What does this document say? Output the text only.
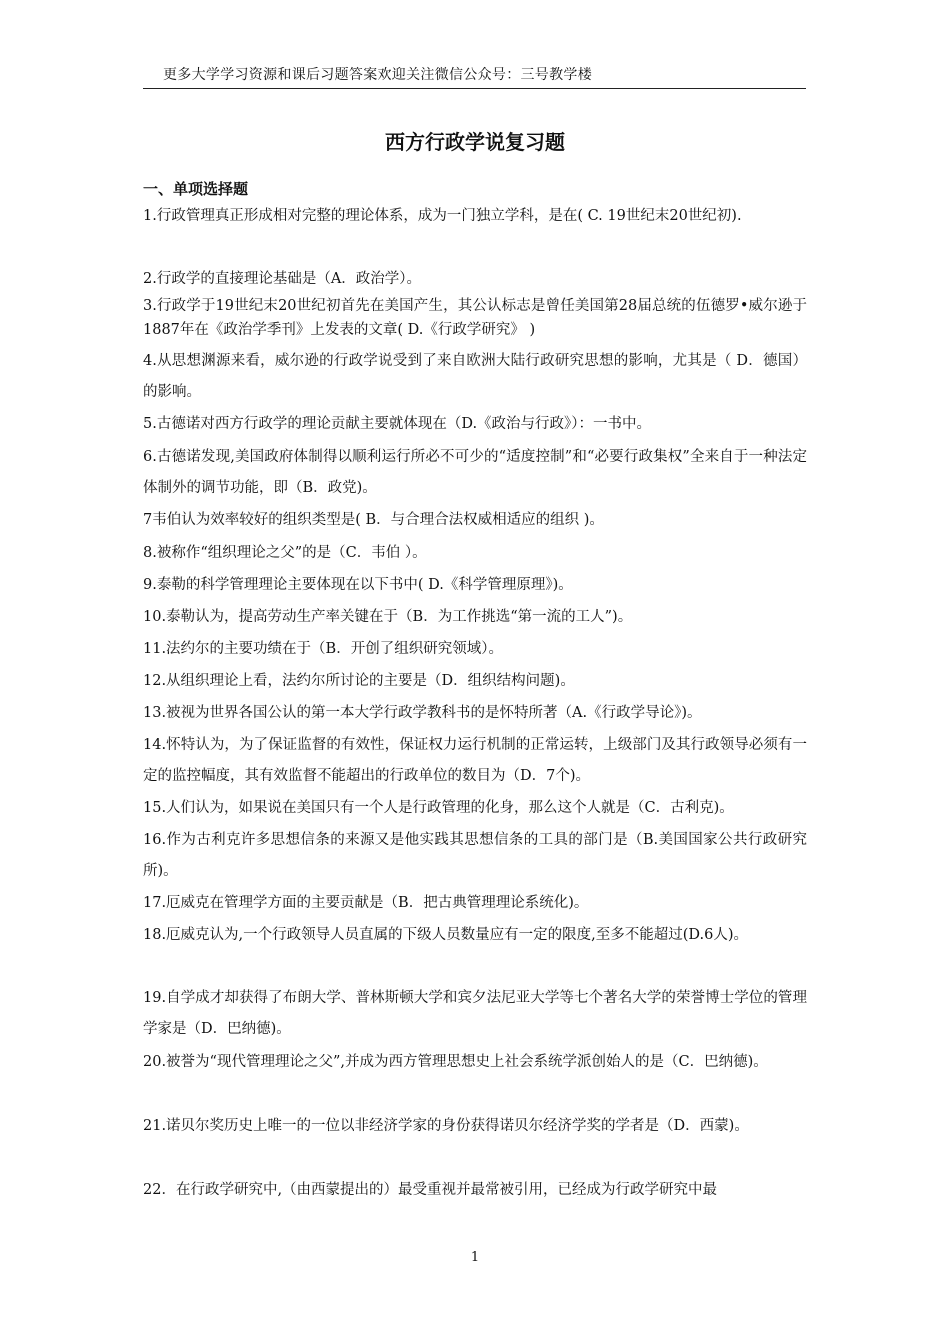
更多大学学习资源和课后习题答案欢迎关注微信公众号：三号教学楼
西方行政学说复习题
一、单项选择题
1.行政管理真正形成相对完整的理论体系，成为一门独立学科，是在( C. 19世纪末20世纪初).
2.行政学的直接理论基础是（A．政治学）。
3.行政学于19世纪末20世纪初首先在美国产生，其公认标志是曾任美国第28届总统的伍德罗•威尔逊于1887年在《政治学季刊》上发表的文章( D.《行政学研究》 )
4.从思想渊源来看，威尔逊的行政学说受到了来自欧洲大陆行政研究思想的影响，尤其是（ D．德国）的影响。
5.古德诺对西方行政学的理论贡献主要就体现在（D.《政治与行政》）：一书中。
6.古德诺发现,美国政府体制得以顺利运行所必不可少的“适度控制”和“必要行政集权”全来自于一种法定体制外的调节功能，即（B．政党)。
7韦伯认为效率较好的组织类型是( B．与合理合法权威相适应的组织 )。
8.被称作“组织理论之父”的是（C．韦伯 ）。
9.泰勒的科学管理理论主要体现在以下书中( D.《科学管理原理》)。
10.泰勒认为，提高劳动生产率关键在于（B．为工作挑选“第一流的工人”)。
11.法约尔的主要功绩在于（B．开创了组织研究领域）。
12.从组织理论上看，法约尔所讨论的主要是（D．组织结构问题)。
13.被视为世界各国公认的第一本大学行政学教科书的是怀特所著（A.《行政学导论》)。
14.怀特认为，为了保证监督的有效性，保证权力运行机制的正常运转，上级部门及其行政领导必须有一定的监控幅度，其有效监督不能超出的行政单位的数目为（D．7个)。
15.人们认为，如果说在美国只有一个人是行政管理的化身，那么这个人就是（C．古利克)。
16.作为古利克许多思想信条的来源又是他实践其思想信条的工具的部门是（B.美国国家公共行政研究所)。
17.厄威克在管理学方面的主要贡献是（B．把古典管理理论系统化)。
18.厄威克认为,一个行政领导人员直属的下级人员数量应有一定的限度,至多不能超过(D.6人)。
19.自学成才却获得了布朗大学、普林斯顿大学和宾夕法尼亚大学等七个著名大学的荣誉博士学位的管理学家是（D．巴纳德)。
20.被誉为“现代管理理论之父”,并成为西方管理思想史上社会系统学派创始人的是（C．巴纳德)。
21.诺贝尔奖历史上唯一的一位以非经济学家的身份获得诺贝尔经济学奖的学者是（D．西蒙)。
22．在行政学研究中,（由西蒙提出的）最受重视并最常被引用，已经成为行政学研究中最
1
